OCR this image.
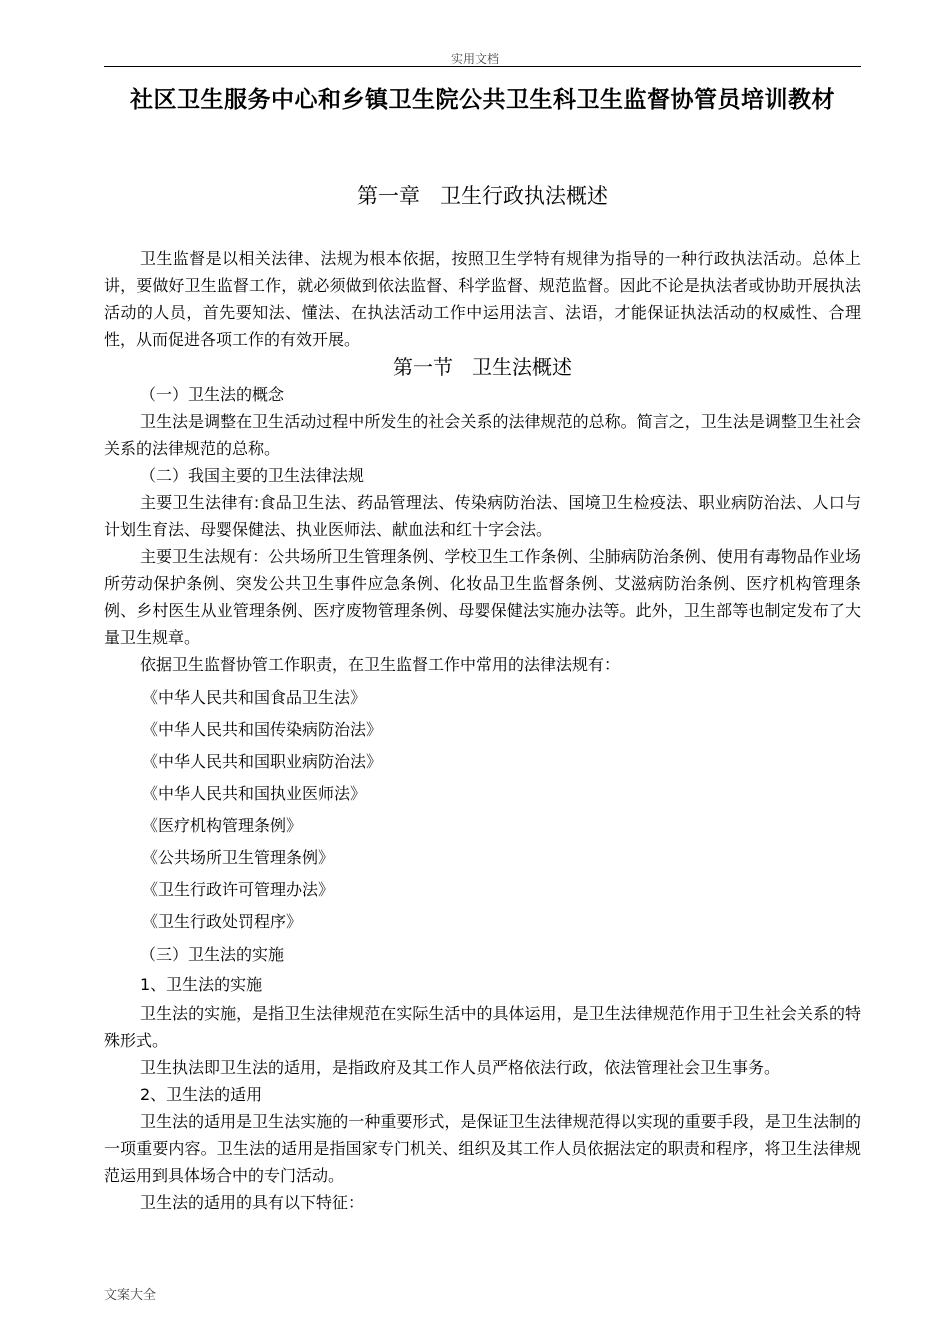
实用文档
社区卫生服务中心和乡镇卫生院公共卫生科卫生监督协管员培训教材
第一章   卫生行政执法概述

卫生监督是以相关法律、法规为根本依据，按照卫生学特有规律为指导的一种行政执法活动。总体上讲，要做好卫生监督工作，就必须做到依法监督、科学监督、规范监督。因此不论是执法者或协助开展执法活动的人员，首先要知法、懂法、在执法活动工作中运用法言、法语，才能保证执法活动的权威性、合理性，从而促进各项工作的有效开展。

第一节   卫生法概述

（一）卫生法的概念

卫生法是调整在卫生活动过程中所发生的社会关系的法律规范的总称。简言之，卫生法是调整卫生社会关系的法律规范的总称。

（二）我国主要的卫生法律法规

主要卫生法律有:食品卫生法、药品管理法、传染病防治法、国境卫生检疫法、职业病防治法、人口与计划生育法、母婴保健法、执业医师法、献血法和红十字会法。

主要卫生法规有：公共场所卫生管理条例、学校卫生工作条例、尘肺病防治条例、使用有毒物品作业场所劳动保护条例、突发公共卫生事件应急条例、化妆品卫生监督条例、艾滋病防治条例、医疗机构管理条例、乡村医生从业管理条例、医疗废物管理条例、母婴保健法实施办法等。此外，卫生部等也制定发布了大量卫生规章。

依据卫生监督协管工作职责，在卫生监督工作中常用的法律法规有：

《中华人民共和国食品卫生法》

《中华人民共和国传染病防治法》

《中华人民共和国职业病防治法》

《中华人民共和国执业医师法》

《医疗机构管理条例》

《公共场所卫生管理条例》

《卫生行政许可管理办法》

《卫生行政处罚程序》

（三）卫生法的实施

1、卫生法的实施

卫生法的实施，是指卫生法律规范在实际生活中的具体运用，是卫生法律规范作用于卫生社会关系的特殊形式。

卫生执法即卫生法的适用，是指政府及其工作人员严格依法行政，依法管理社会卫生事务。

2、卫生法的适用

卫生法的适用是卫生法实施的一种重要形式，是保证卫生法律规范得以实现的重要手段，是卫生法制的一项重要内容。卫生法的适用是指国家专门机关、组织及其工作人员依据法定的职责和程序，将卫生法律规范运用到具体场合中的专门活动。

卫生法的适用的具有以下特征：

文案大全
